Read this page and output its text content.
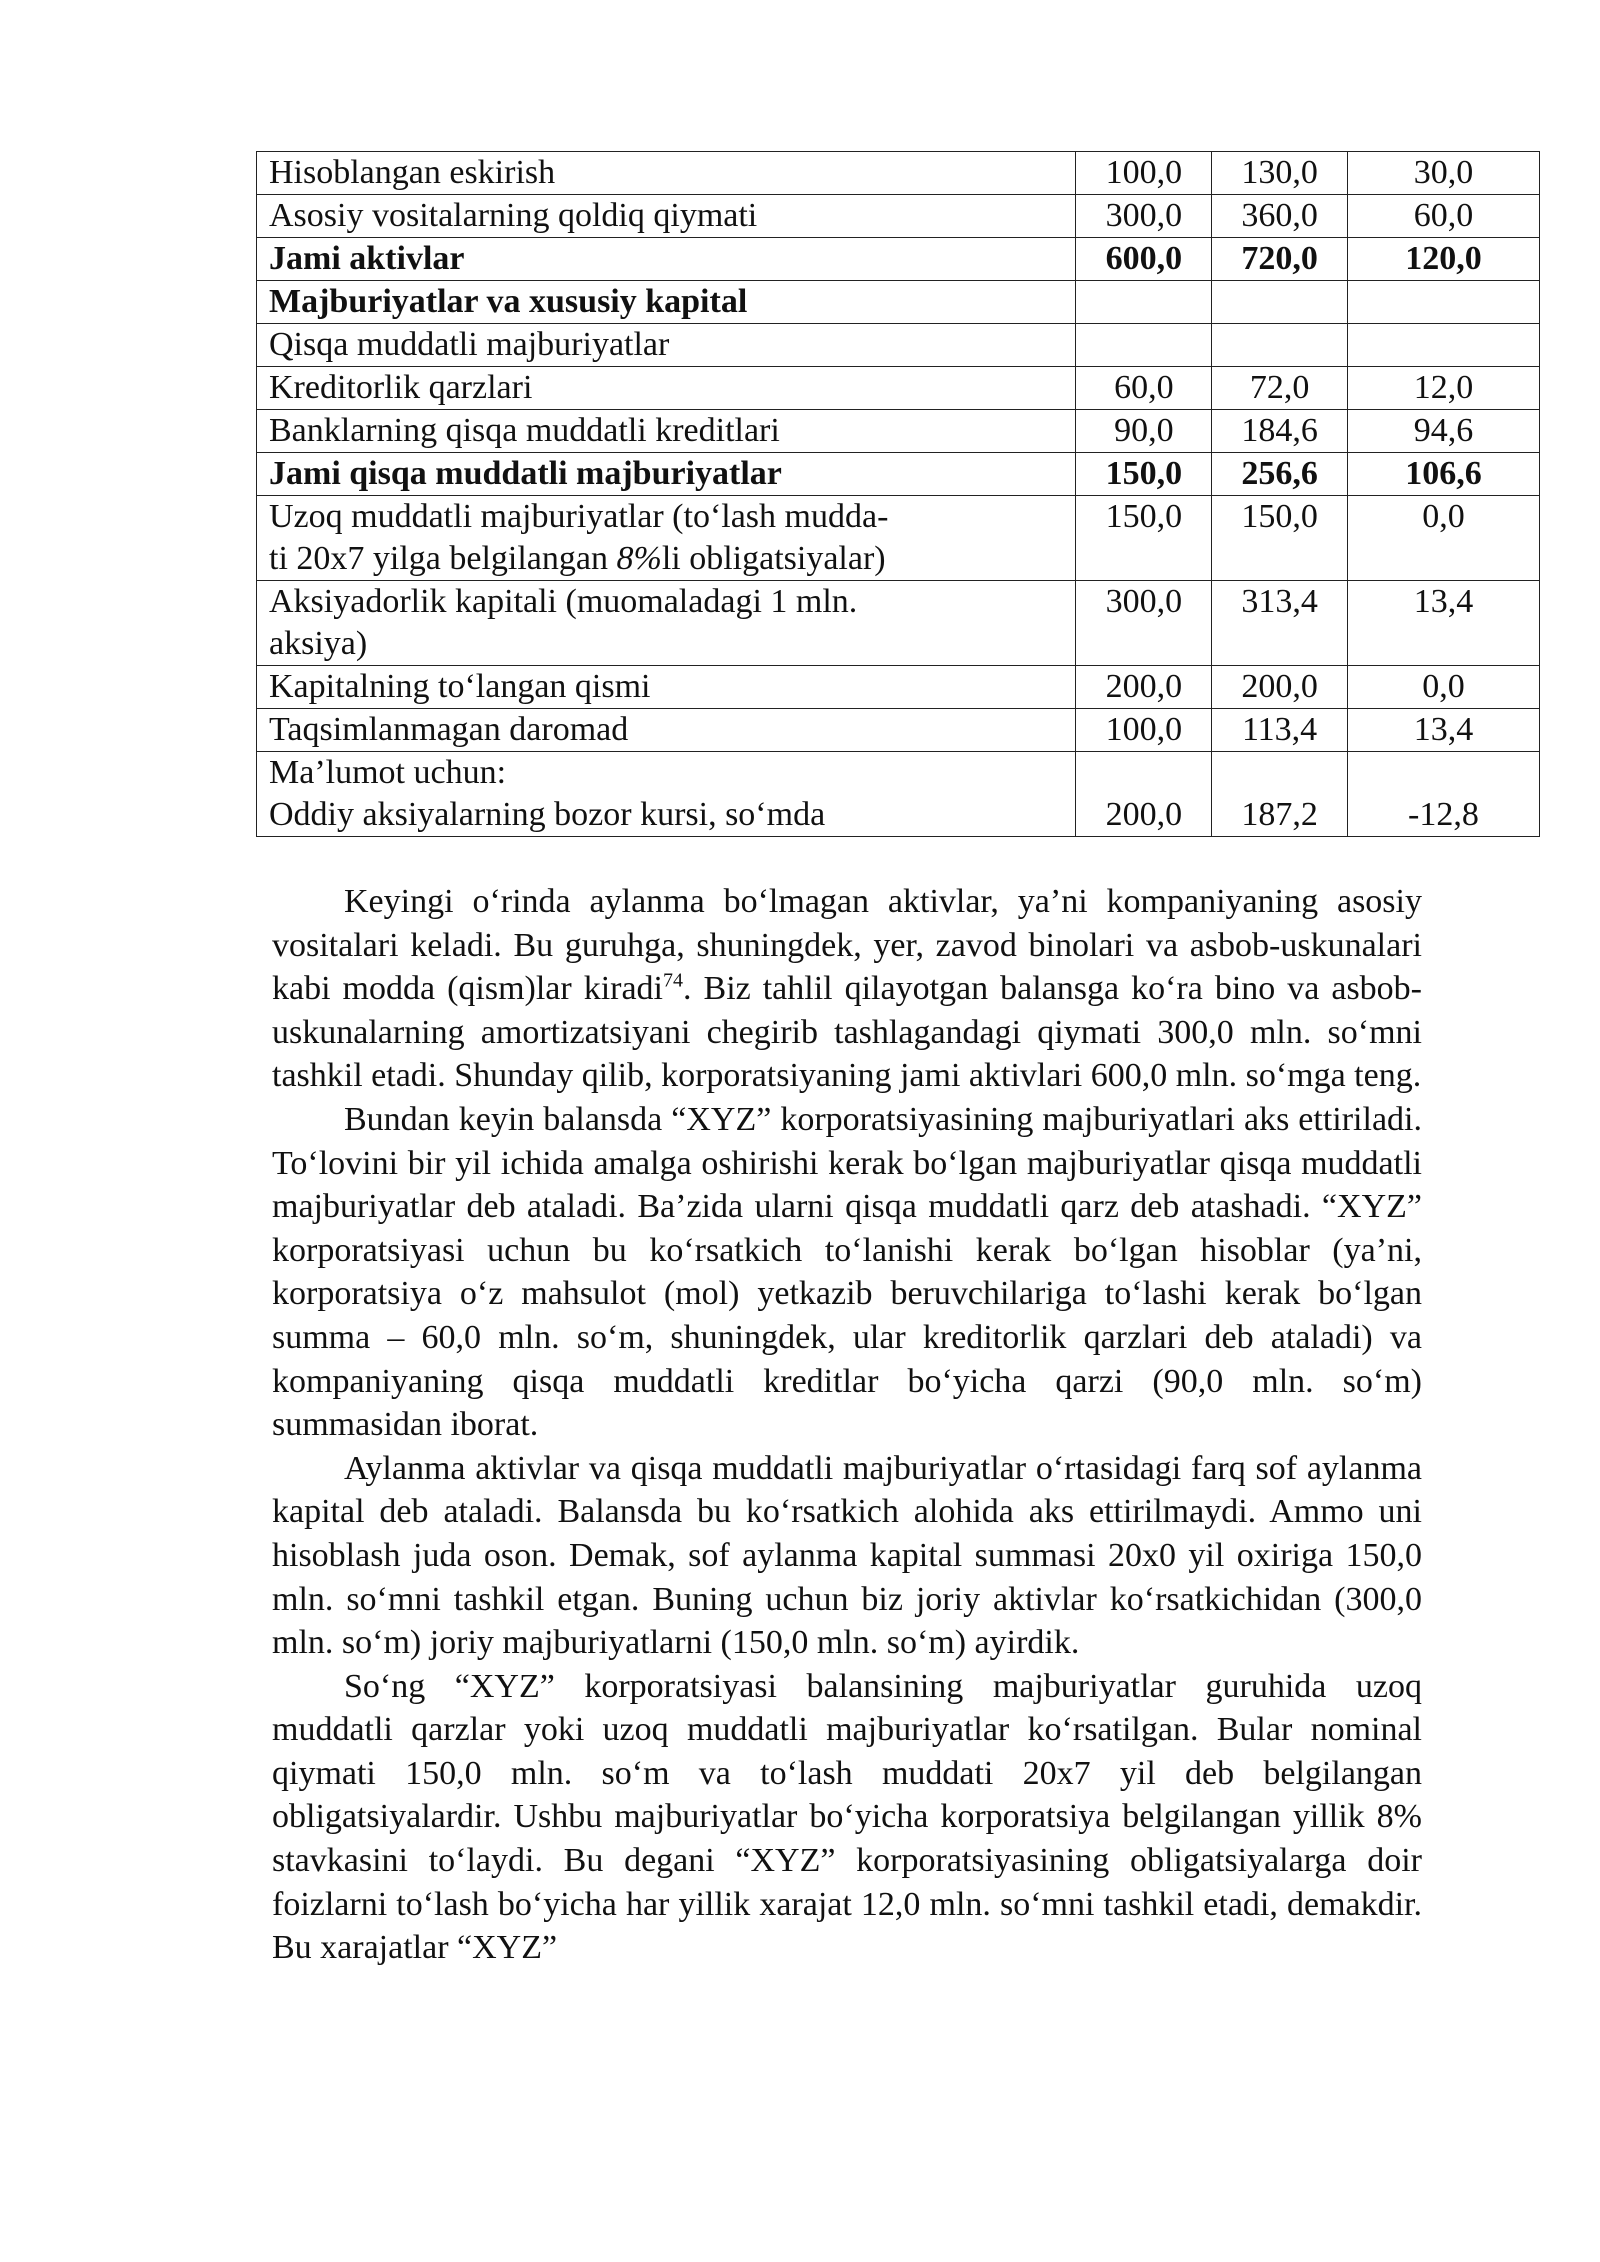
Hisoblangan eskirish	100,0	130,0	30,0
Asosiy vositalarning qoldiq qiymati	300,0	360,0	60,0
Jami aktivlar	600,0	720,0	120,0
Majburiyatlar va xususiy kapital			
Qisqa muddatli majburiyatlar			
Kreditorlik qarzlari	60,0	72,0	12,0
Banklarning qisqa muddatli kreditlari	90,0	184,6	94,6
Jami qisqa muddatli majburiyatlar	150,0	256,6	106,6
Uzoq muddatli majburiyatlar (to‘lash mudda-
ti 20x7 yilga belgilangan 8%li obligatsiyalar)	150,0	150,0	0,0
Aksiyadorlik kapitali (muomaladagi 1 mln.
aksiya)	300,0	313,4	13,4
Kapitalning to‘langan qismi	200,0	200,0	0,0
Taqsimlanmagan daromad	100,0	113,4	13,4
Ma’lumot uchun:
Oddiy aksiyalarning bozor kursi, so‘mda	200,0	187,2	-12,8

Keyingi o‘rinda aylanma bo‘lmagan aktivlar, ya’ni kompaniyaning asosiy vositalari keladi. Bu guruhga, shuningdek, yer, zavod binolari va asbob-uskunalari kabi modda (qism)lar kiradi$^{74}$. Biz tahlil qilayotgan balansga ko‘ra bino va asbob- uskunalarning amortizatsiyani chegirib tashlagandagi qiymati 300,0 mln. so‘mni tashkil etadi. Shunday qilib, korporatsiyaning jami aktivlari 600,0 mln. so‘mga teng.

Bundan keyin balansda “XYZ” korporatsiyasining majburiyatlari aks ettiriladi. To‘lovini bir yil ichida amalga oshirishi kerak bo‘lgan majburiyatlar qisqa muddatli majburiyatlar deb ataladi. Ba’zida ularni qisqa muddatli qarz deb atashadi. “XYZ” korporatsiyasi uchun bu ko‘rsatkich to‘lanishi kerak bo‘lgan hisoblar (ya’ni, korporatsiya o‘z mahsulot (mol) yetkazib beruvchilariga to‘lashi kerak bo‘lgan summa – 60,0 mln. so‘m, shuningdek, ular kreditorlik qarzlari deb ataladi) va kompaniyaning qisqa muddatli kreditlar bo‘yicha qarzi (90,0 mln. so‘m) summasidan iborat.

Aylanma aktivlar va qisqa muddatli majburiyatlar o‘rtasidagi farq sof aylanma kapital deb ataladi. Balansda bu ko‘rsatkich alohida aks ettirilmaydi. Ammo uni hisoblash juda oson. Demak, sof aylanma kapital summasi 20x0 yil oxiriga 150,0 mln. so‘mni tashkil etgan. Buning uchun biz joriy aktivlar ko‘rsatkichidan (300,0 mln. so‘m) joriy majburiyatlarni (150,0 mln. so‘m) ayirdik.

So‘ng “XYZ” korporatsiyasi balansining majburiyatlar guruhida uzoq muddatli qarzlar yoki uzoq muddatli majburiyatlar ko‘rsatilgan. Bular nominal qiymati 150,0 mln. so‘m va to‘lash muddati 20x7 yil deb belgilangan obligatsiyalardir. Ushbu majburiyatlar bo‘yicha korporatsiya belgilangan yillik 8% stavkasini to‘laydi. Bu degani “XYZ” korporatsiyasining obligatsiyalarga doir foizlarni to‘lash bo‘yicha har yillik xarajat 12,0 mln. so‘mni tashkil etadi, demakdir. Bu xarajatlar “XYZ”
